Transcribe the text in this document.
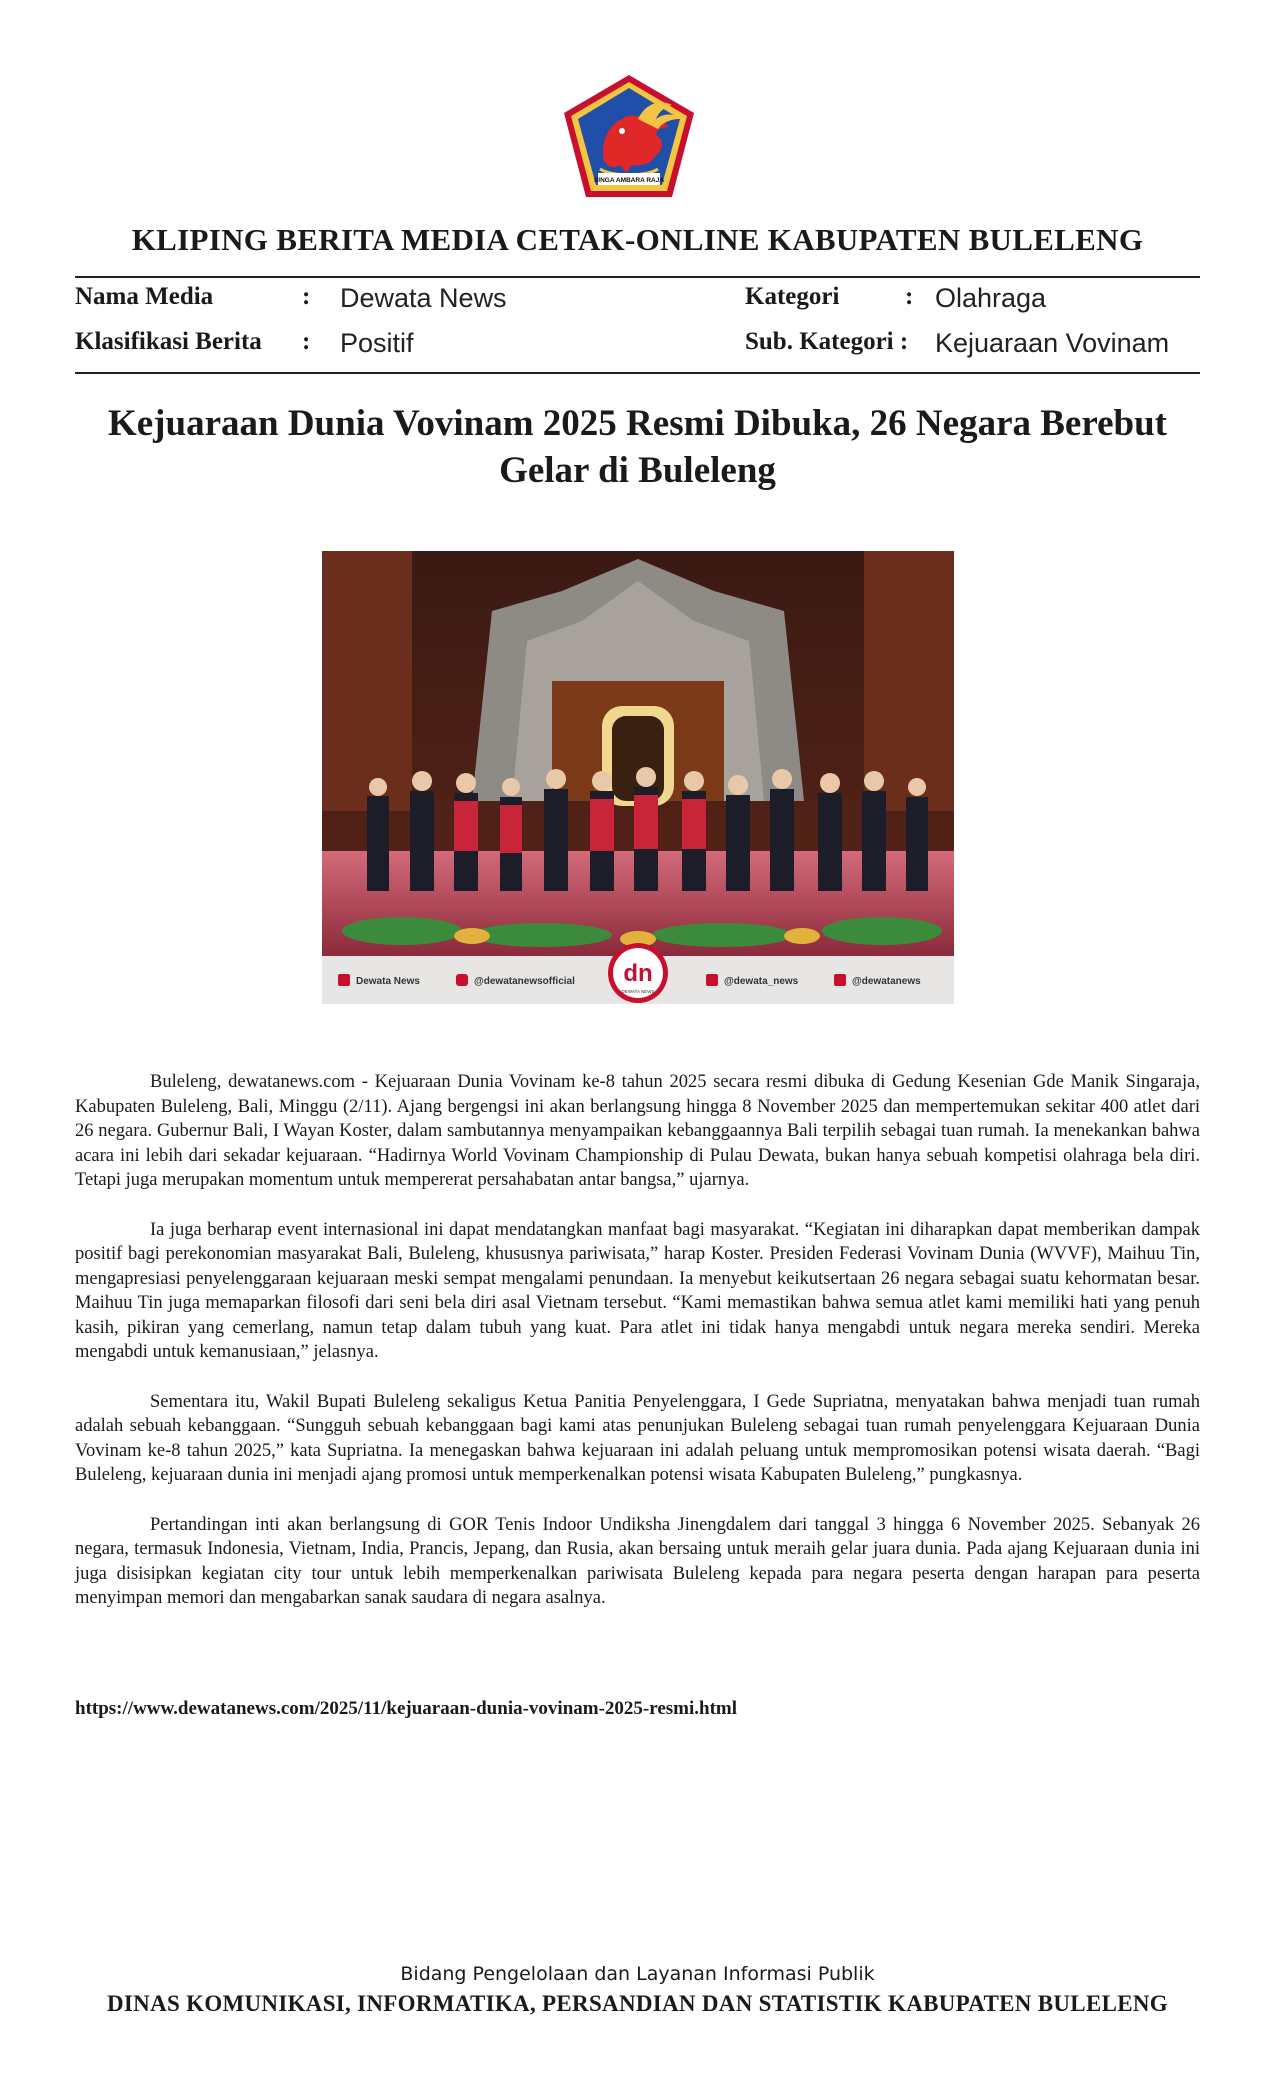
SINGA AMBARA RAJA
KLIPING BERITA MEDIA CETAK-ONLINE KABUPATEN BULELENG
Nama Media	: Dewata News	Kategori	: Olahraga
Klasifikasi Berita : Positif	Sub. Kategori : Kejuaraan Vovinam
Kejuaraan Dunia Vovinam 2025 Resmi Dibuka, 26 Negara Berebut Gelar di Buleleng
dn
DEWATA NEWS
Dewata News	@dewatanewsofficial	@dewata_news	@dewatanews

Buleleng, dewatanews.com - Kejuaraan Dunia Vovinam ke-8 tahun 2025 secara resmi dibuka di Gedung Kesenian Gde Manik Singaraja, Kabupaten Buleleng, Bali, Minggu (2/11). Ajang bergengsi ini akan berlangsung hingga 8 November 2025 dan mempertemukan sekitar 400 atlet dari 26 negara. Gubernur Bali, I Wayan Koster, dalam sambutannya menyampaikan kebanggaannya Bali terpilih sebagai tuan rumah. Ia menekankan bahwa acara ini lebih dari sekadar kejuaraan. “Hadirnya World Vovinam Championship di Pulau Dewata, bukan hanya sebuah kompetisi olahraga bela diri. Tetapi juga merupakan momentum untuk mempererat persahabatan antar bangsa,” ujarnya.

Ia juga berharap event internasional ini dapat mendatangkan manfaat bagi masyarakat. “Kegiatan ini diharapkan dapat memberikan dampak positif bagi perekonomian masyarakat Bali, Buleleng, khususnya pariwisata,” harap Koster. Presiden Federasi Vovinam Dunia (WVVF), Maihuu Tin, mengapresiasi penyelenggaraan kejuaraan meski sempat mengalami penundaan. Ia menyebut keikutsertaan 26 negara sebagai suatu kehormatan besar. Maihuu Tin juga memaparkan filosofi dari seni bela diri asal Vietnam tersebut. “Kami memastikan bahwa semua atlet kami memiliki hati yang penuh kasih, pikiran yang cemerlang, namun tetap dalam tubuh yang kuat. Para atlet ini tidak hanya mengabdi untuk negara mereka sendiri. Mereka mengabdi untuk kemanusiaan,” jelasnya.

Sementara itu, Wakil Bupati Buleleng sekaligus Ketua Panitia Penyelenggara, I Gede Supriatna, menyatakan bahwa menjadi tuan rumah adalah sebuah kebanggaan. “Sungguh sebuah kebanggaan bagi kami atas penunjukan Buleleng sebagai tuan rumah penyelenggara Kejuaraan Dunia Vovinam ke-8 tahun 2025,” kata Supriatna. Ia menegaskan bahwa kejuaraan ini adalah peluang untuk mempromosikan potensi wisata daerah. “Bagi Buleleng, kejuaraan dunia ini menjadi ajang promosi untuk memperkenalkan potensi wisata Kabupaten Buleleng,” pungkasnya.

Pertandingan inti akan berlangsung di GOR Tenis Indoor Undiksha Jinengdalem dari tanggal 3 hingga 6 November 2025. Sebanyak 26 negara, termasuk Indonesia, Vietnam, India, Prancis, Jepang, dan Rusia, akan bersaing untuk meraih gelar juara dunia. Pada ajang Kejuaraan dunia ini juga disisipkan kegiatan city tour untuk lebih memperkenalkan pariwisata Buleleng kepada para negara peserta dengan harapan para peserta menyimpan memori dan mengabarkan sanak saudara di negara asalnya.

https://www.dewatanews.com/2025/11/kejuaraan-dunia-vovinam-2025-resmi.html
Bidang Pengelolaan dan Layanan Informasi Publik
DINAS KOMUNIKASI, INFORMATIKA, PERSANDIAN DAN STATISTIK KABUPATEN BULELENG
